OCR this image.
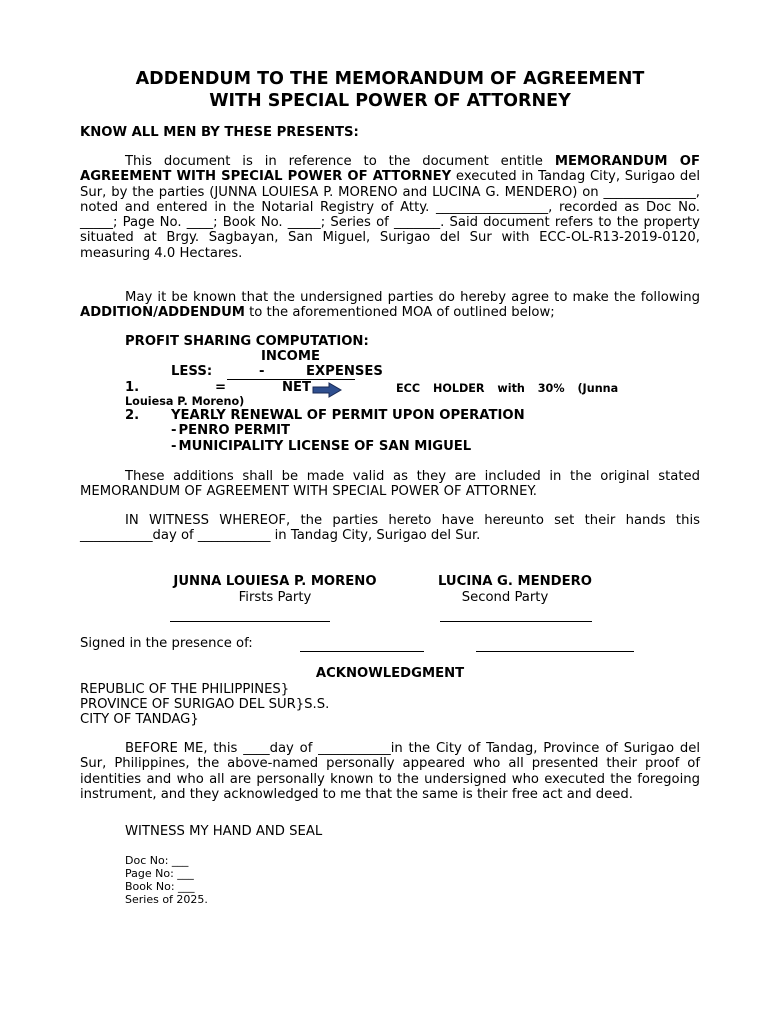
ADDENDUM TO THE MEMORANDUM OF AGREEMENT
WITH SPECIAL POWER OF ATTORNEY
KNOW ALL MEN BY THESE PRESENTS:
This document is in reference to the document entitle MEMORANDUM OF AGREEMENT WITH SPECIAL POWER OF ATTORNEY executed in Tandag City, Surigao del Sur, by the parties (JUNNA LOUIESA P. MORENO and LUCINA G. MENDERO) on ______________, noted and entered in the Notarial Registry of Atty. _________________, recorded as Doc No. _____; Page No. ____; Book No. _____; Series of _______. Said document refers to the property situated at Brgy. Sagbayan, San Miguel, Surigao del Sur with ECC-OL-R13-2019-0120, measuring 4.0 Hectares.
May it be known that the undersigned parties do hereby agree to make the following ADDITION/ADDENDUM to the aforementioned MOA of outlined below;
PROFIT SHARING COMPUTATION:
INCOME
LESS:	-	EXPENSES
1.	=	NET	ECC HOLDER with 30% (Junna
Louiesa P. Moreno)
2. YEARLY RENEWAL OF PERMIT UPON OPERATION
- PENRO PERMIT
- MUNICIPALITY LICENSE OF SAN MIGUEL
These additions shall be made valid as they are included in the original stated MEMORANDUM OF AGREEMENT WITH SPECIAL POWER OF ATTORNEY.
IN WITNESS WHEREOF, the parties hereto have hereunto set their hands this ___________day of ___________ in Tandag City, Surigao del Sur.
JUNNA LOUIESA P. MORENO
Firsts Party
LUCINA G. MENDERO
Second Party
Signed in the presence of:
ACKNOWLEDGMENT
REPUBLIC OF THE PHILIPPINES}
PROVINCE OF SURIGAO DEL SUR}S.S.
CITY OF TANDAG}
BEFORE ME, this ____day of ___________in the City of Tandag, Province of Surigao del Sur, Philippines, the above-named personally appeared who all presented their proof of identities and who all are personally known to the undersigned who executed the foregoing instrument, and they acknowledged to me that the same is their free act and deed.
WITNESS MY HAND AND SEAL
Doc No: ___
Page No: ___
Book No: ___
Series of 2025.
